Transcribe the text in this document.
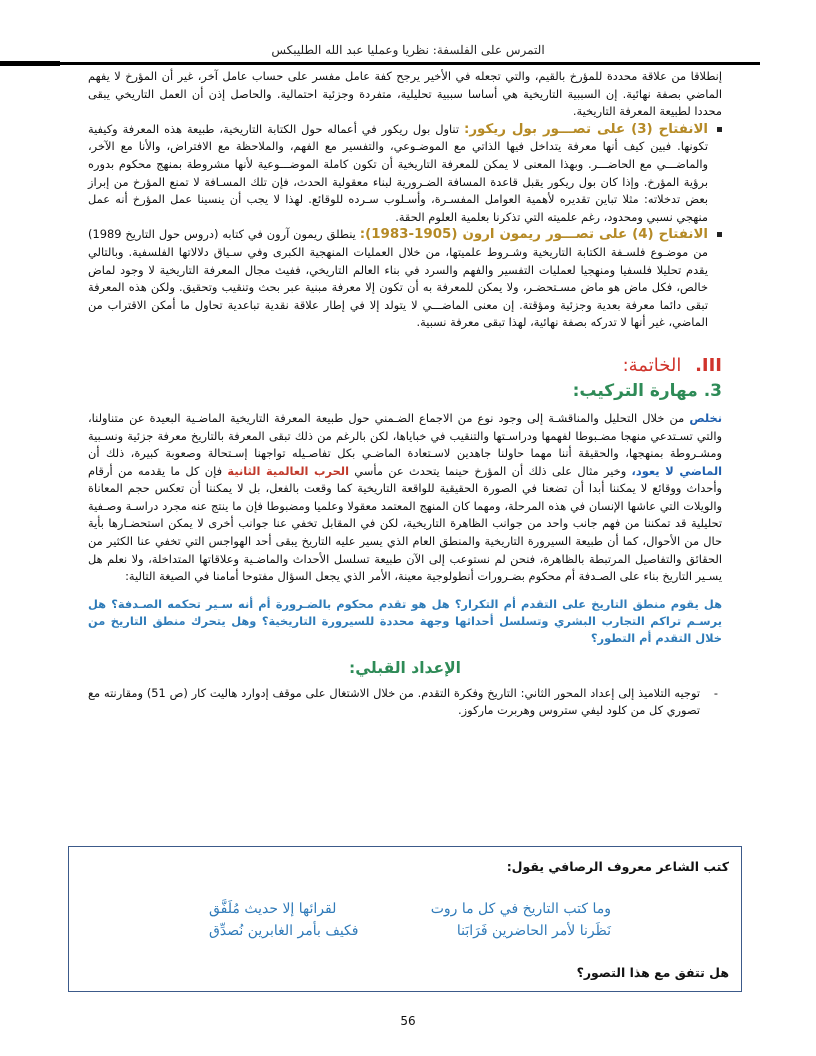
التمرس على الفلسفة: نظريا وعمليا عبد الله الطليبكس

إنطلاقا من علاقة محددة للمؤرخ بالقيم، والتي تجعله في الأخير يرجح كفة عامل مفسر على حساب عامل آخر، غير أن المؤرخ لا يفهم الماضي بصفة نهائية. إن السببية التاريخية هي أساسا سببية تحليلية، متفردة وجزئية احتمالية. والحاصل إذن أن العمل التاريخي يبقى محددا لطبيعة المعرفة التاريخية.

الانفتاح (3) على تصـــور بول ريكور: تناول بول ريكور في أعماله حول الكتابة التاريخية، طبيعة هذه المعرفة وكيفية تكونها. فبين كيف أنها معرفة يتداخل فيها الذاتي مع الموضـوعي، والتفسير مع الفهم، والملاحظة مع الافتراض، والأنا مع الآخر، والماضـــي مع الحاضـــر. وبهذا المعنى لا يمكن للمعرفة التاريخية أن تكون كاملة الموضـــوعية لأنها مشروطة بمنهج محكوم بدوره برؤية المؤرخ. وإذا كان بول ريكور يقبل قاعدة المسافة الضـرورية لبناء معقولية الحدث، فإن تلك المسـافة لا تمنع المؤرخ من إبراز بعض تدخلاته: مثلا تباين تقديره لأهمية العوامل المفسـرة، وأسـلوب سـرده للوقائع. لهذا لا يجب أن ينسينا عمل المؤرخ أنه عمل منهجي نسبي ومحدود، رغم علميته التي تذكرنا بعلمية العلوم الحقة.

الانفتاح (4) على تصـــور ريمون ارون (1905-1983): ينطلق ريمون آرون في كتابه (دروس حول التاريخ 1989) من موضـوع فلسـفة الكتابة التاريخية وشـروط علميتها، من خلال العمليات المنهجية الكبرى وفي سـياق دلالاتها الفلسفية. وبالتالي يقدم تحليلا فلسفيا ومنهجيا لعمليات التفسير والفهم والسرد في بناء العالم التاريخي، ففيث مجال المعرفة التاريخية لا وجود لماض خالص، فكل ماض هو ماض مسـتحضـر، ولا يمكن للمعرفة به أن تكون إلا معرفة مبنية عبر بحث وتنقيب وتحقيق. ولكن هذه المعرفة تبقى دائما معرفة بعدية وجزئية ومؤقتة. إن معنى الماضـــي لا يتولد إلا في إطار علاقة نقدية تباعدية تحاول ما أمكن الاقتراب من الماضي، غير أنها لا تدركه بصفة نهائية، لهذا تبقى معرفة نسبية.

III. الخاتمة:
3. مهارة التركيب:

نخلص من خلال التحليل والمناقشـة إلى وجود نوع من الاجماع الضـمني حول طبيعة المعرفة التاريخية الماضـية البعيدة عن متناولنا، والتي تسـتدعي منهجا مضـبوطا لفهمها ودراسـتها والتنقيب في خباياها، لكن بالرغم من ذلك تبقى المعرفة بالتاريخ معرفة جزئية ونسـبية ومشـروطة بمنهجها، والحقيقة أننا مهما حاولنا جاهدين لاسـتعادة الماضـي بكل تفاصـيله تواجهنا إسـتحالة وصعوبة كبيرة، ذلك أن الماضي لا يعود، وخير مثال على ذلك أن المؤرخ حينما يتحدث عن مأسي الحرب العالمية الثانية فإن كل ما يقدمه من أرقام وأحداث ووقائع لا يمكننا أبدا أن تضعنا في الصورة الحقيقية للواقعة التاريخية كما وقعت بالفعل، بل لا يمكننا أن تعكس حجم المعاناة والويلات التي عاشها الإنسان في هذه المرحلة، ومهما كان المنهج المعتمد معقولا وعلميا ومضبوطا فإن ما ينتج عنه مجرد دراسـة وصـفية تحليلية قد تمكننا من فهم جانب واحد من جوانب الظاهرة التاريخية، لكن في المقابل تخفي عنا جوانب أخرى لا يمكن استحضـارها بأية حال من الأحوال، كما أن طبيعة السيرورة التاريخية والمنطق العام الذي يسير عليه التاريخ يبقى أحد الهواجس التي تخفي عنا الكثير من الحقائق والتفاصيل المرتبطة بالظاهرة، فنحن لم نستوعب إلى الآن طبيعة تسلسل الأحداث والماضـية وعلاقاتها المتداخلة، ولا نعلم هل يسـير التاريخ بناء على الصـدفة أم محكوم بضـرورات أنطولوجية معينة، الأمر الذي يجعل السؤال مفتوحا أمامنا في الصيغة التالية:

هل يقوم منطق التاريخ على التقدم أم التكرار؟ هل هو تقدم محكوم بالضـرورة أم أنه سـير تحكمه الصـدفة؟ هل يرسـم تراكم التجارب البشري وتسلسل أحداثها وجهة محددة للسيرورة التاريخية؟ وهل يتحرك منطق التاريخ من خلال التقدم أم التطور؟

الإعداد القبلي:

-
توجيه التلاميذ إلى إعداد المحور الثاني: التاريخ وفكرة التقدم. من خلال الاشتغال على موقف إدوارد هاليت كار (ص 51) ومقارنته مع تصوري كل من كلود ليفي ستروس وهربرت ماركوز.

كتب الشاعر معروف الرصافي يقول:

وما كتب التاريخ في كل ما روت
لقرائها إلا حديث مُلَفَّق
نَظَرنا لأمر الحاضرين فَرَابَنا
فكيف بأمر الغابرين نُصدِّق

هل تتفق مع هذا التصور؟

56
